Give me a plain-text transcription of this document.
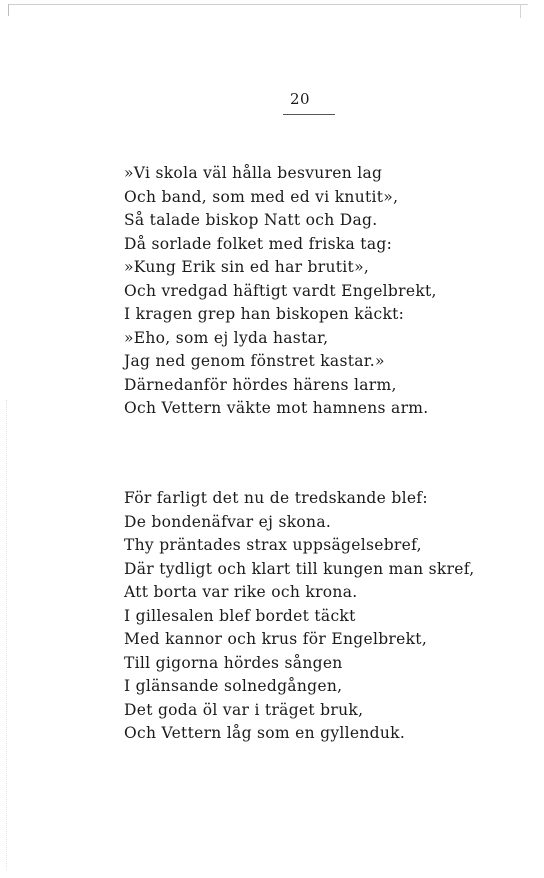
20
»Vi skola väl hålla besvuren lag
Och band, som med ed vi knutit»,
Så talade biskop Natt och Dag.
Då sorlade folket med friska tag:
»Kung Erik sin ed har brutit»,
Och vredgad häftigt vardt Engelbrekt,
I kragen grep han biskopen käckt:
»Eho, som ej lyda hastar,
Jag ned genom fönstret kastar.»
Därnedanför hördes härens larm,
Och Vettern väkte mot hamnens arm.
För farligt det nu de tredskande blef:
De bondenäfvar ej skona.
Thy präntades strax uppsägelsebref,
Där tydligt och klart till kungen man skref,
Att borta var rike och krona.
I gillesalen blef bordet täckt
Med kannor och krus för Engelbrekt,
Till gigorna hördes sången
I glänsande solnedgången,
Det goda öl var i träget bruk,
Och Vettern låg som en gyllenduk.
